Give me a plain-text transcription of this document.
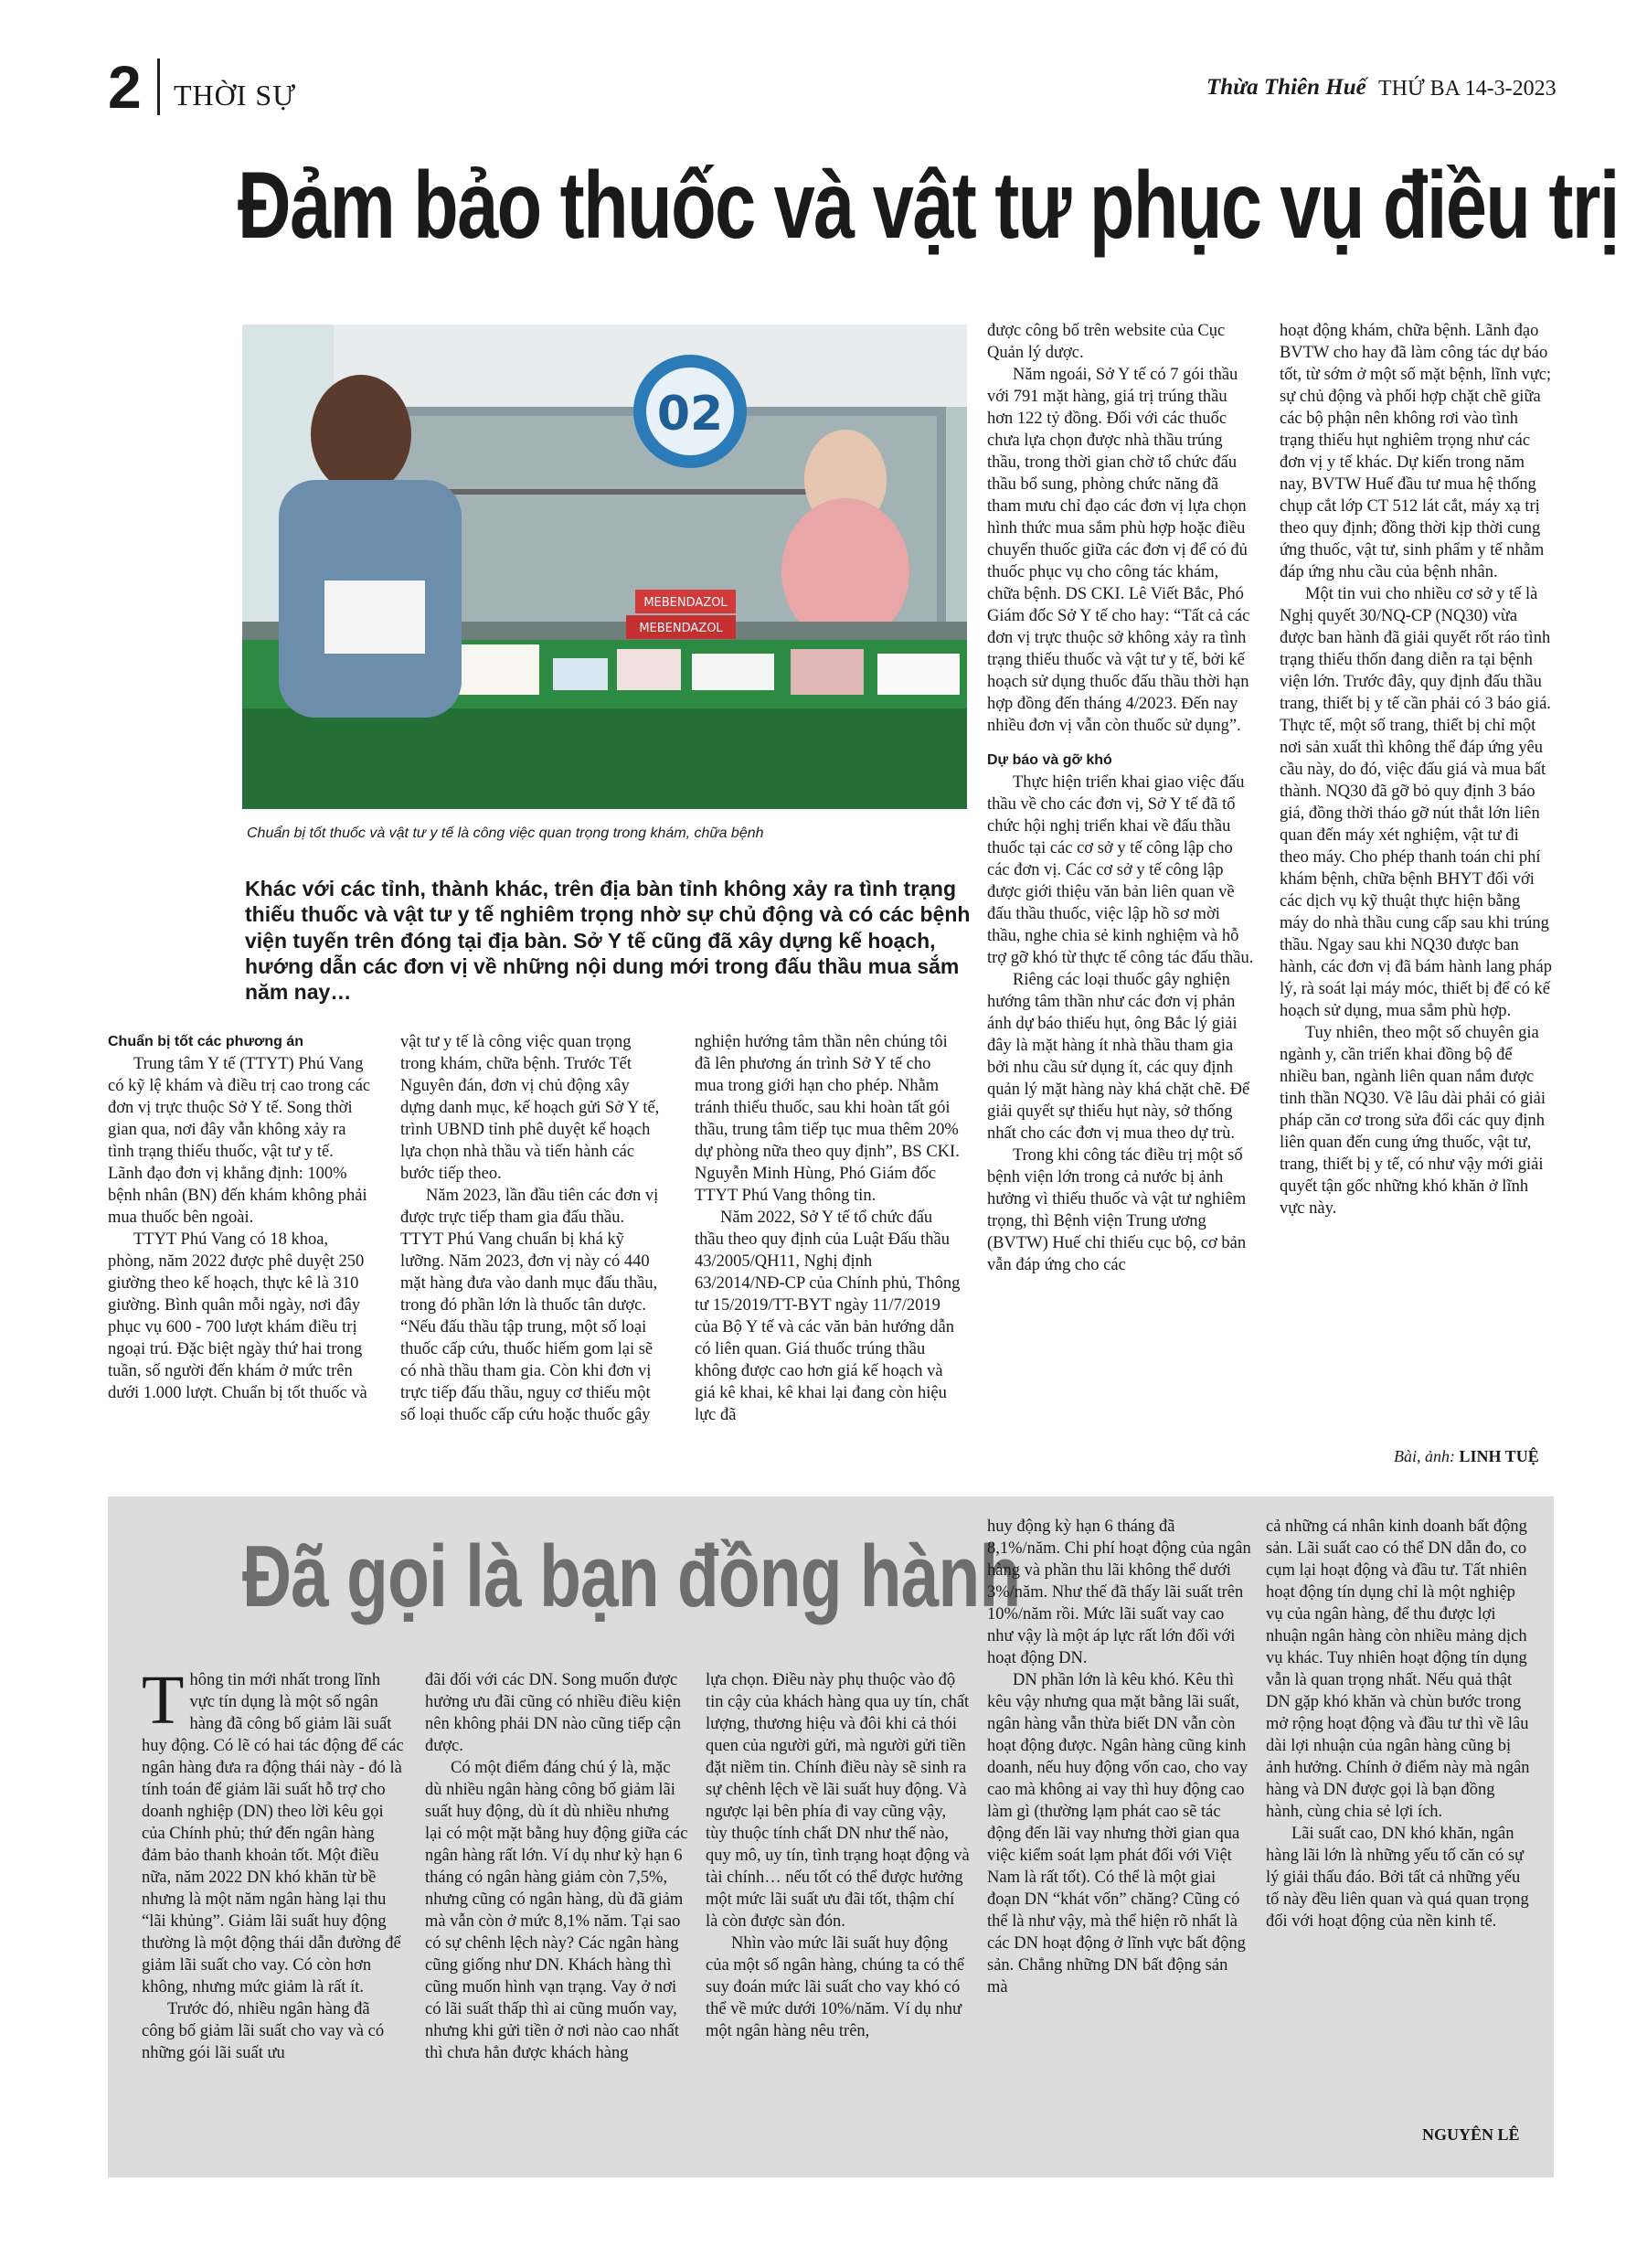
2 THỜI SỰ	Thừa Thiên Huế THỨ BA 14-3-2023
Đảm bảo thuốc và vật tư phục vụ điều trị
02
MEBENDAZOL
MEBENDAZOL
Chuẩn bị tốt thuốc và vật tư y tế là công việc quan trọng trong khám, chữa bệnh
Khác với các tỉnh, thành khác, trên địa bàn tỉnh không xảy ra tình trạng thiếu thuốc và vật tư y tế nghiêm trọng nhờ sự chủ động và có các bệnh viện tuyến trên đóng tại địa bàn. Sở Y tế cũng đã xây dựng kế hoạch, hướng dẫn các đơn vị về những nội dung mới trong đấu thầu mua sắm năm nay…

Chuẩn bị tốt các phương án

Trung tâm Y tế (TTYT) Phú Vang có kỹ lệ khám và điều trị cao trong các đơn vị trực thuộc Sở Y tế. Song thời gian qua, nơi đây vẫn không xảy ra tình trạng thiếu thuốc, vật tư y tế. Lãnh đạo đơn vị khẳng định: 100% bệnh nhân (BN) đến khám không phải mua thuốc bên ngoài.

TTYT Phú Vang có 18 khoa, phòng, năm 2022 được phê duyệt 250 giường theo kế hoạch, thực kê là 310 giường. Bình quân mỗi ngày, nơi đây phục vụ 600 - 700 lượt khám điều trị ngoại trú. Đặc biệt ngày thứ hai trong tuần, số người đến khám ở mức trên dưới 1.000 lượt. Chuẩn bị tốt thuốc và

vật tư y tế là công việc quan trọng trong khám, chữa bệnh. Trước Tết Nguyên đán, đơn vị chủ động xây dựng danh mục, kế hoạch gửi Sở Y tế, trình UBND tỉnh phê duyệt kế hoạch lựa chọn nhà thầu và tiến hành các bước tiếp theo.

Năm 2023, lần đầu tiên các đơn vị được trực tiếp tham gia đấu thầu. TTYT Phú Vang chuẩn bị khá kỹ lưỡng. Năm 2023, đơn vị này có 440 mặt hàng đưa vào danh mục đấu thầu, trong đó phần lớn là thuốc tân dược. “Nếu đấu thầu tập trung, một số loại thuốc cấp cứu, thuốc hiếm gom lại sẽ có nhà thầu tham gia. Còn khi đơn vị trực tiếp đấu thầu, nguy cơ thiếu một số loại thuốc cấp cứu hoặc thuốc gây

nghiện hướng tâm thần nên chúng tôi đã lên phương án trình Sở Y tế cho mua trong giới hạn cho phép. Nhằm tránh thiếu thuốc, sau khi hoàn tất gói thầu, trung tâm tiếp tục mua thêm 20% dự phòng nữa theo quy định”, BS CKI. Nguyễn Minh Hùng, Phó Giám đốc TTYT Phú Vang thông tin.

Năm 2022, Sở Y tế tổ chức đấu thầu theo quy định của Luật Đấu thầu 43/2005/QH11, Nghị định 63/2014/NĐ-CP của Chính phủ, Thông tư 15/2019/TT-BYT ngày 11/7/2019 của Bộ Y tế và các văn bản hướng dẫn có liên quan. Giá thuốc trúng thầu không được cao hơn giá kế hoạch và giá kê khai, kê khai lại đang còn hiệu lực đã

được công bố trên website của Cục Quản lý dược.

Năm ngoái, Sở Y tế có 7 gói thầu với 791 mặt hàng, giá trị trúng thầu hơn 122 tỷ đồng. Đối với các thuốc chưa lựa chọn được nhà thầu trúng thầu, trong thời gian chờ tổ chức đấu thầu bổ sung, phòng chức năng đã tham mưu chỉ đạo các đơn vị lựa chọn hình thức mua sắm phù hợp hoặc điều chuyển thuốc giữa các đơn vị để có đủ thuốc phục vụ cho công tác khám, chữa bệnh. DS CKI. Lê Viết Bắc, Phó Giám đốc Sở Y tế cho hay: “Tất cả các đơn vị trực thuộc sở không xảy ra tình trạng thiếu thuốc và vật tư y tế, bởi kế hoạch sử dụng thuốc đấu thầu thời hạn hợp đồng đến tháng 4/2023. Đến nay nhiều đơn vị vẫn còn thuốc sử dụng”.

Dự báo và gỡ khó

Thực hiện triển khai giao việc đấu thầu về cho các đơn vị, Sở Y tế đã tổ chức hội nghị triển khai về đấu thầu thuốc tại các cơ sở y tế công lập cho các đơn vị. Các cơ sở y tế công lập được giới thiệu văn bản liên quan về đấu thầu thuốc, việc lập hồ sơ mời thầu, nghe chia sẻ kinh nghiệm và hỗ trợ gỡ khó từ thực tế công tác đấu thầu.

Riêng các loại thuốc gây nghiện hướng tâm thần như các đơn vị phản ánh dự báo thiếu hụt, ông Bắc lý giải đây là mặt hàng ít nhà thầu tham gia bởi nhu cầu sử dụng ít, các quy định quản lý mặt hàng này khá chặt chẽ. Để giải quyết sự thiếu hụt này, sở thống nhất cho các đơn vị mua theo dự trù.

Trong khi công tác điều trị một số bệnh viện lớn trong cả nước bị ảnh hưởng vì thiếu thuốc và vật tư nghiêm trọng, thì Bệnh viện Trung ương (BVTW) Huế chỉ thiếu cục bộ, cơ bản vẫn đáp ứng cho các

hoạt động khám, chữa bệnh. Lãnh đạo BVTW cho hay đã làm công tác dự báo tốt, từ sớm ở một số mặt bệnh, lĩnh vực; sự chủ động và phối hợp chặt chẽ giữa các bộ phận nên không rơi vào tình trạng thiếu hụt nghiêm trọng như các đơn vị y tế khác. Dự kiến trong năm nay, BVTW Huế đầu tư mua hệ thống chụp cắt lớp CT 512 lát cắt, máy xạ trị theo quy định; đồng thời kịp thời cung ứng thuốc, vật tư, sinh phẩm y tế nhằm đáp ứng nhu cầu của bệnh nhân.

Một tin vui cho nhiều cơ sở y tế là Nghị quyết 30/NQ-CP (NQ30) vừa được ban hành đã giải quyết rốt ráo tình trạng thiếu thốn đang diễn ra tại bệnh viện lớn. Trước đây, quy định đấu thầu trang, thiết bị y tế cần phải có 3 báo giá. Thực tế, một số trang, thiết bị chỉ một nơi sản xuất thì không thể đáp ứng yêu cầu này, do đó, việc đấu giá và mua bất thành. NQ30 đã gỡ bỏ quy định 3 báo giá, đồng thời tháo gỡ nút thắt lớn liên quan đến máy xét nghiệm, vật tư đi theo máy. Cho phép thanh toán chi phí khám bệnh, chữa bệnh BHYT đối với các dịch vụ kỹ thuật thực hiện bằng máy do nhà thầu cung cấp sau khi trúng thầu. Ngay sau khi NQ30 được ban hành, các đơn vị đã bám hành lang pháp lý, rà soát lại máy móc, thiết bị để có kế hoạch sử dụng, mua sắm phù hợp.

Tuy nhiên, theo một số chuyên gia ngành y, cần triển khai đồng bộ để nhiều ban, ngành liên quan nắm được tinh thần NQ30. Về lâu dài phải có giải pháp căn cơ trong sửa đổi các quy định liên quan đến cung ứng thuốc, vật tư, trang, thiết bị y tế, có như vậy mới giải quyết tận gốc những khó khăn ở lĩnh vực này.

Bài, ảnh: LINH TUỆ
Đã gọi là bạn đồng hành

Thông tin mới nhất trong lĩnh vực tín dụng là một số ngân hàng đã công bố giảm lãi suất huy động. Có lẽ có hai tác động để các ngân hàng đưa ra động thái này - đó là tính toán để giảm lãi suất hỗ trợ cho doanh nghiệp (DN) theo lời kêu gọi của Chính phủ; thứ đến ngân hàng đảm bảo thanh khoản tốt. Một điều nữa, năm 2022 DN khó khăn từ bề nhưng là một năm ngân hàng lại thu “lãi khủng”. Giảm lãi suất huy động thường là một động thái dẫn đường để giảm lãi suất cho vay. Có còn hơn không, nhưng mức giảm là rất ít.

Trước đó, nhiều ngân hàng đã công bố giảm lãi suất cho vay và có những gói lãi suất ưu

đãi đối với các DN. Song muốn được hưởng ưu đãi cũng có nhiều điều kiện nên không phải DN nào cũng tiếp cận được.

Có một điểm đáng chú ý là, mặc dù nhiều ngân hàng công bố giảm lãi suất huy động, dù ít dù nhiều nhưng lại có một mặt bằng huy động giữa các ngân hàng rất lớn. Ví dụ như kỳ hạn 6 tháng có ngân hàng giảm còn 7,5%, nhưng cũng có ngân hàng, dù đã giảm mà vẫn còn ở mức 8,1% năm. Tại sao có sự chênh lệch này? Các ngân hàng cũng giống như DN. Khách hàng thì cũng muốn hình vạn trạng. Vay ở nơi có lãi suất thấp thì ai cũng muốn vay, nhưng khi gửi tiền ở nơi nào cao nhất thì chưa hẳn được khách hàng

lựa chọn. Điều này phụ thuộc vào độ tin cậy của khách hàng qua uy tín, chất lượng, thương hiệu và đôi khi cả thói quen của người gửi, mà người gửi tiền đặt niềm tin. Chính điều này sẽ sinh ra sự chênh lệch về lãi suất huy động. Và ngược lại bên phía đi vay cũng vậy, tùy thuộc tính chất DN như thế nào, quy mô, uy tín, tình trạng hoạt động và tài chính… nếu tốt có thể được hưởng một mức lãi suất ưu đãi tốt, thậm chí là còn được sàn đón.

Nhìn vào mức lãi suất huy động của một số ngân hàng, chúng ta có thể suy đoán mức lãi suất cho vay khó có thể về mức dưới 10%/năm. Ví dụ như một ngân hàng nêu trên,

huy động kỳ hạn 6 tháng đã 8,1%/năm. Chi phí hoạt động của ngân hàng và phần thu lãi không thể dưới 3%/năm. Như thế đã thấy lãi suất trên 10%/năm rồi. Mức lãi suất vay cao như vậy là một áp lực rất lớn đối với hoạt động DN.

DN phần lớn là kêu khó. Kêu thì kêu vậy nhưng qua mặt bằng lãi suất, ngân hàng vẫn thừa biết DN vẫn còn hoạt động được. Ngân hàng cũng kinh doanh, nếu huy động vốn cao, cho vay cao mà không ai vay thì huy động cao làm gì (thường lạm phát cao sẽ tác động đến lãi vay nhưng thời gian qua việc kiểm soát lạm phát đối với Việt Nam là rất tốt). Có thể là một giai đoạn DN “khát vốn” chăng? Cũng có thể là như vậy, mà thể hiện rõ nhất là các DN hoạt động ở lĩnh vực bất động sản. Chẳng những DN bất động sản mà

cả những cá nhân kinh doanh bất động sản. Lãi suất cao có thể DN dẫn đo, co cụm lại hoạt động và đầu tư. Tất nhiên hoạt động tín dụng chỉ là một nghiệp vụ của ngân hàng, để thu được lợi nhuận ngân hàng còn nhiều mảng dịch vụ khác. Tuy nhiên hoạt động tín dụng vẫn là quan trọng nhất. Nếu quả thật DN gặp khó khăn và chùn bước trong mở rộng hoạt động và đầu tư thì về lâu dài lợi nhuận của ngân hàng cũng bị ảnh hưởng. Chính ở điểm này mà ngân hàng và DN được gọi là bạn đồng hành, cùng chia sẻ lợi ích.

Lãi suất cao, DN khó khăn, ngân hàng lãi lớn là những yếu tố căn có sự lý giải thấu đáo. Bởi tất cả những yếu tố này đều liên quan và quá quan trọng đối với hoạt động của nền kinh tế.

NGUYÊN LÊ
